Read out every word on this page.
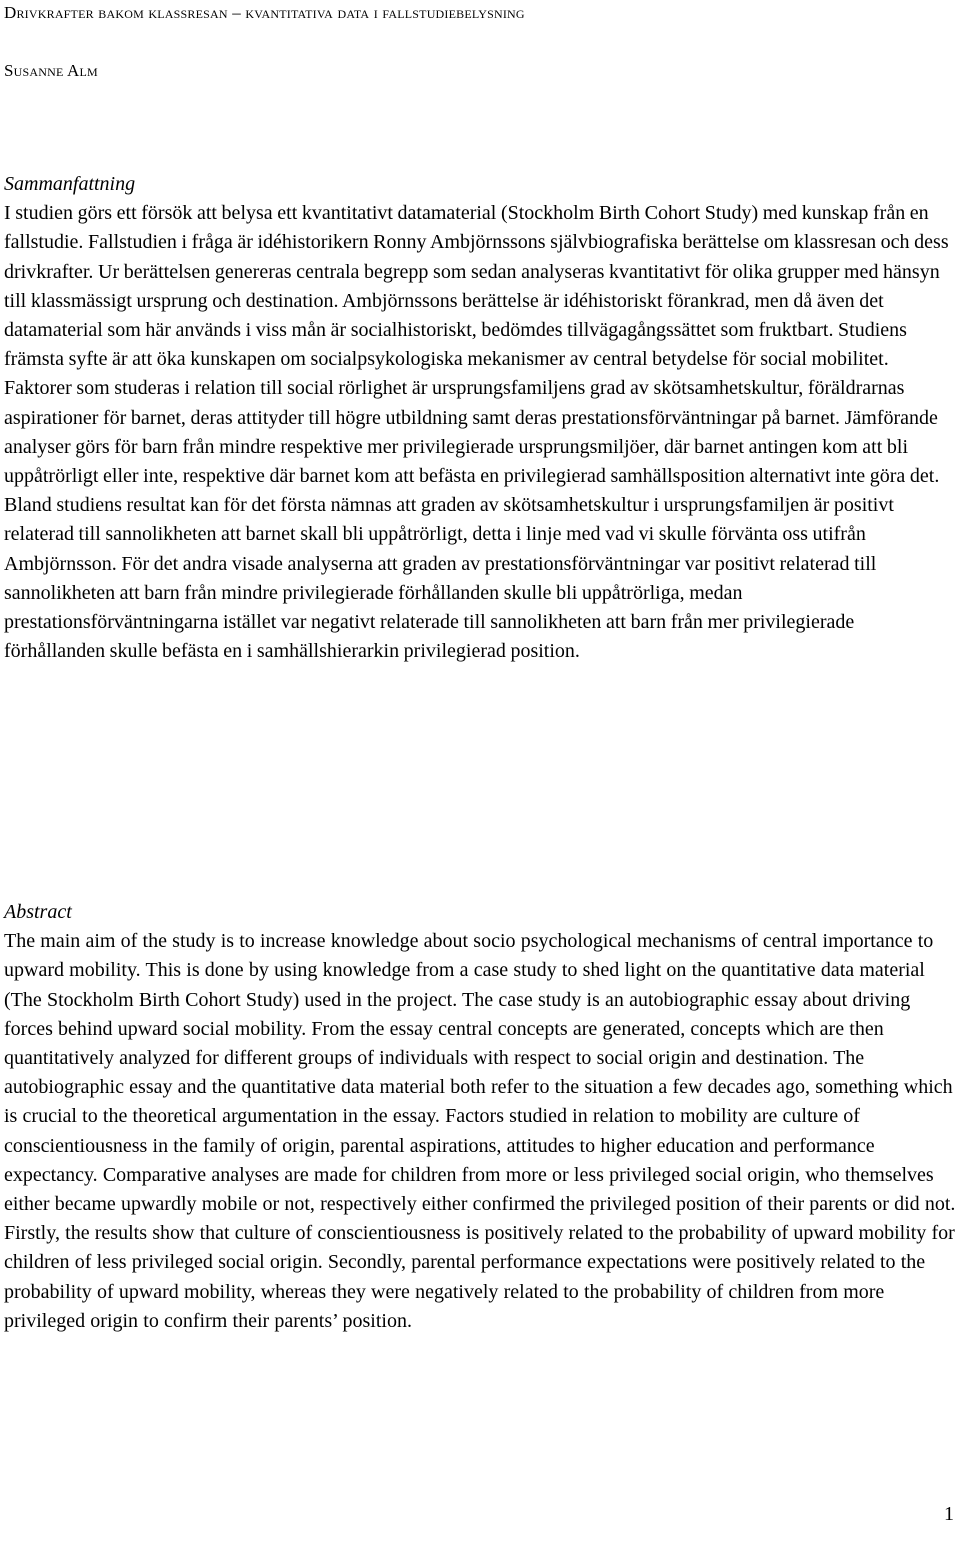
Drivkrafter bakom klassresan – kvantitativa data i fallstudiebelysning
Susanne Alm

Sammanfattning

I studien görs ett försök att belysa ett kvantitativt datamaterial (Stockholm Birth Cohort Study) med kunskap från en fallstudie. Fallstudien i fråga är idéhistorikern Ronny Ambjörnssons självbiografiska berättelse om klassresan och dess drivkrafter. Ur berättelsen genereras centrala begrepp som sedan analyseras kvantitativt för olika grupper med hänsyn till klassmässigt ursprung och destination. Ambjörnssons berättelse är idéhistoriskt förankrad, men då även det datamaterial som här används i viss mån är socialhistoriskt, bedömdes tillvägagångssättet som fruktbart. Studiens främsta syfte är att öka kunskapen om socialpsykologiska mekanismer av central betydelse för social mobilitet. Faktorer som studeras i relation till social rörlighet är ursprungsfamiljens grad av skötsamhetskultur, föräldrarnas aspirationer för barnet, deras attityder till högre utbildning samt deras prestationsförväntningar på barnet. Jämförande analyser görs för barn från mindre respektive mer privilegierade ursprungsmiljöer, där barnet antingen kom att bli uppåtrörligt eller inte, respektive där barnet kom att befästa en privilegierad samhällsposition alternativt inte göra det. Bland studiens resultat kan för det första nämnas att graden av skötsamhetskultur i ursprungsfamiljen är positivt relaterad till sannolikheten att barnet skall bli uppåtrörligt, detta i linje med vad vi skulle förvänta oss utifrån Ambjörnsson. För det andra visade analyserna att graden av prestationsförväntningar var positivt relaterad till sannolikheten att barn från mindre privilegierade förhållanden skulle bli uppåtrörliga, medan prestationsförväntningarna istället var negativt relaterade till sannolikheten att barn från mer privilegierade förhållanden skulle befästa en i samhällshierarkin privilegierad position.

Abstract

The main aim of the study is to increase knowledge about socio psychological mechanisms of central importance to upward mobility. This is done by using knowledge from a case study to shed light on the quantitative data material (The Stockholm Birth Cohort Study) used in the project. The case study is an autobiographic essay about driving forces behind upward social mobility. From the essay central concepts are generated, concepts which are then quantitatively analyzed for different groups of individuals with respect to social origin and destination. The autobiographic essay and the quantitative data material both refer to the situation a few decades ago, something which is crucial to the theoretical argumentation in the essay. Factors studied in relation to mobility are culture of conscientiousness in the family of origin, parental aspirations, attitudes to higher education and performance expectancy. Comparative analyses are made for children from more or less privileged social origin, who themselves either became upwardly mobile or not, respectively either confirmed the privileged position of their parents or did not. Firstly, the results show that culture of conscientiousness is positively related to the probability of upward mobility for children of less privileged social origin. Secondly, parental performance expectations were positively related to the probability of upward mobility, whereas they were negatively related to the probability of children from more privileged origin to confirm their parents’ position.

1
